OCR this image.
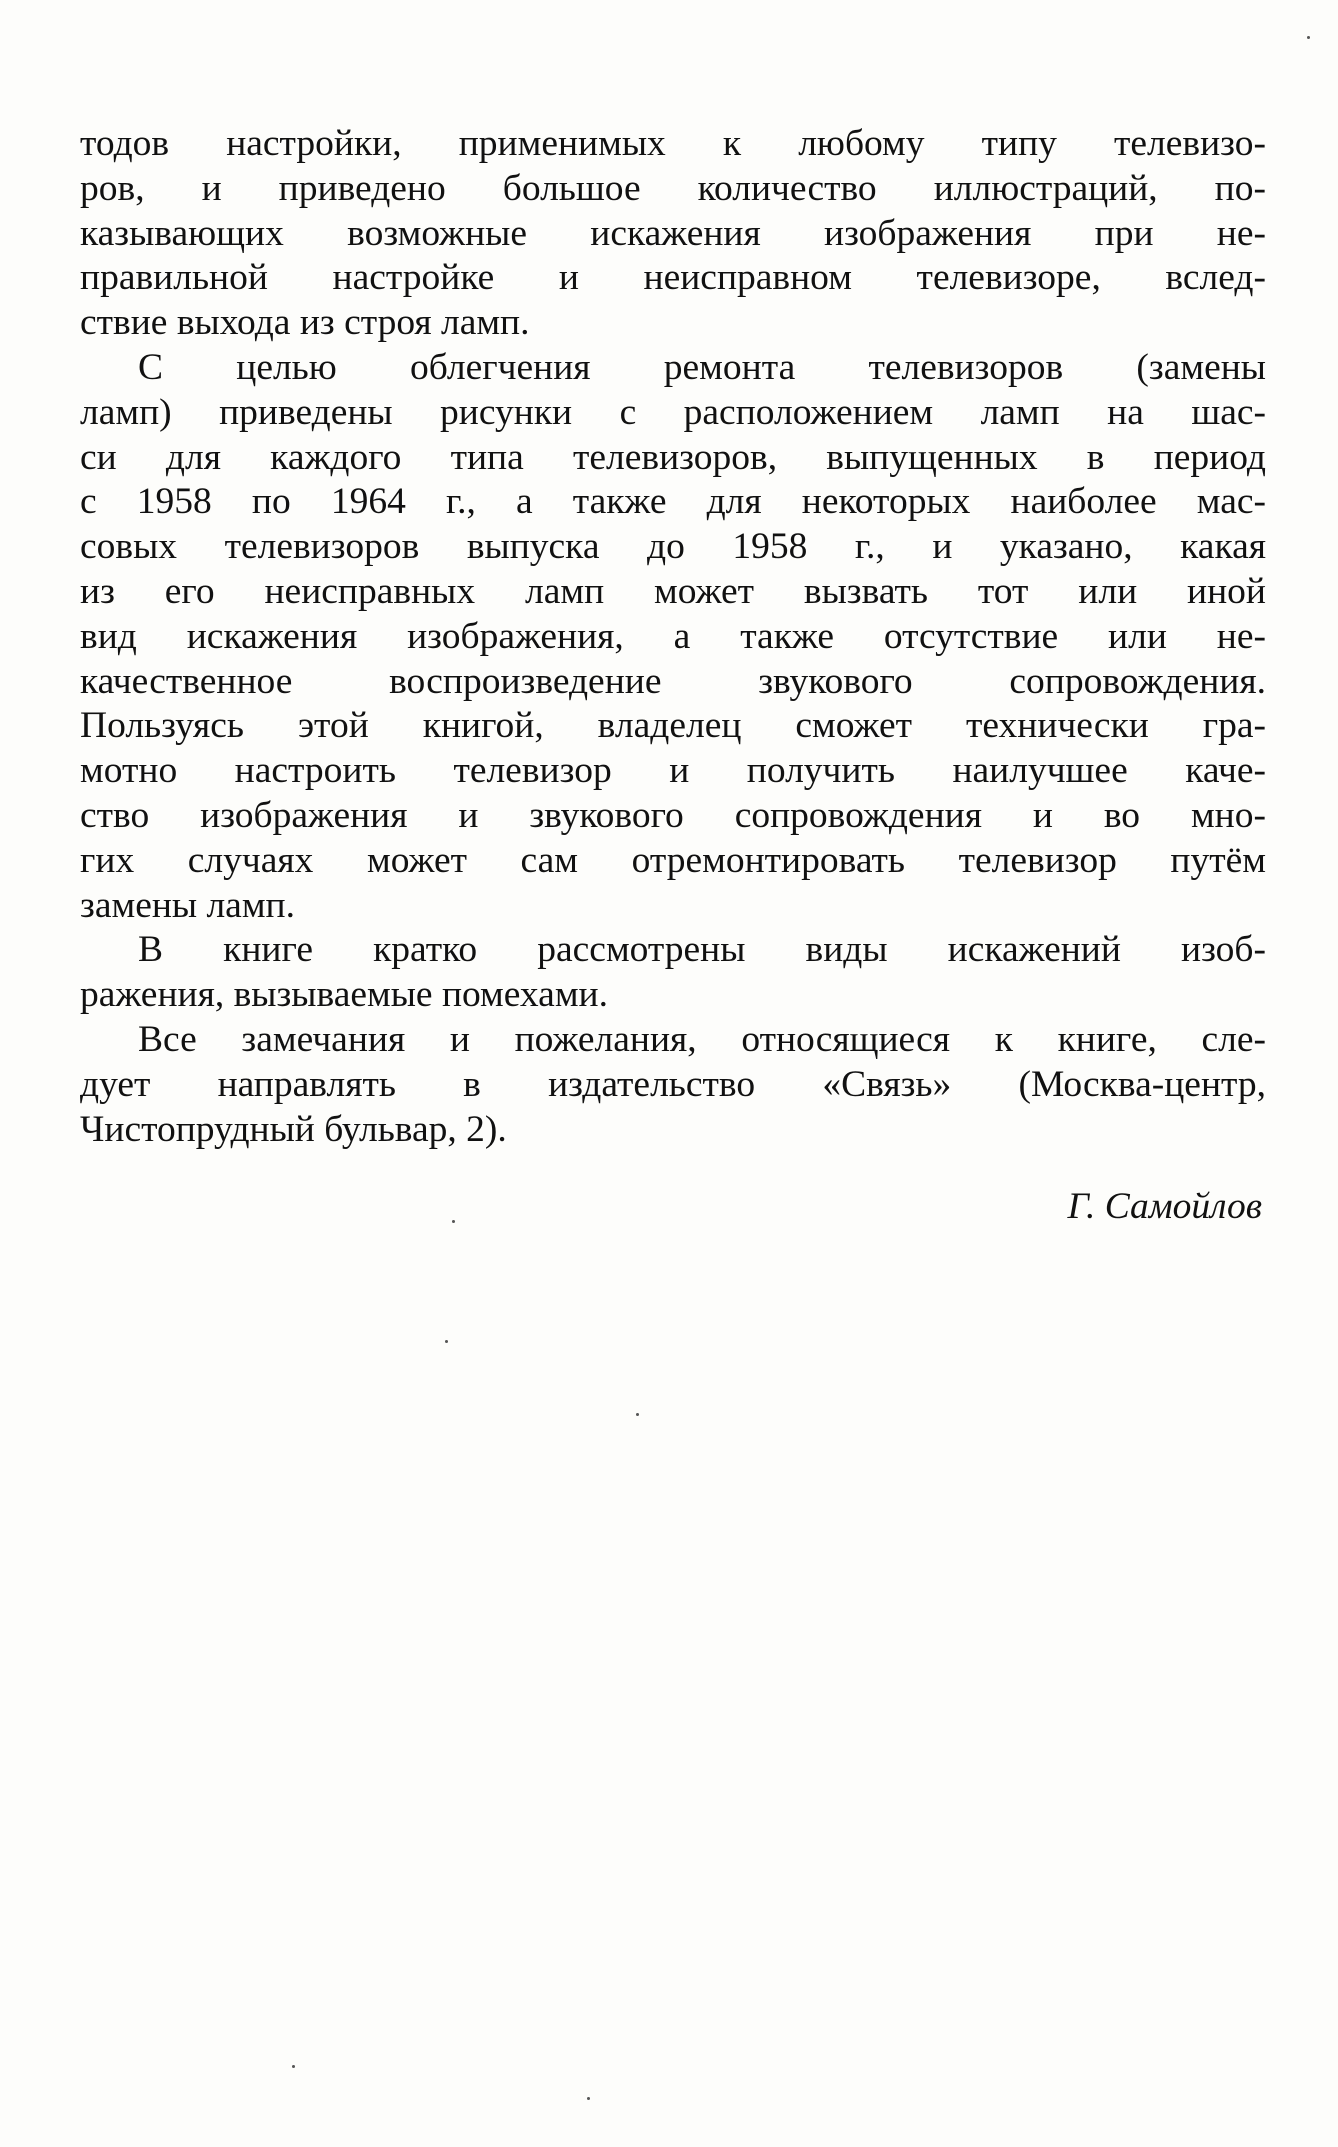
тодов настройки, применимых к любому типу телевизо-
ров, и приведено большое количество иллюстраций, по-
казывающих возможные искажения изображения при не-
правильной настройке и неисправном телевизоре, вслед-
ствие выхода из строя ламп.

С целью облегчения ремонта телевизоров (замены
ламп) приведены рисунки с расположением ламп на шас-
си для каждого типа телевизоров, выпущенных в период
с 1958 по 1964 г., а также для некоторых наиболее мас-
совых телевизоров выпуска до 1958 г., и указано, какая
из его неисправных ламп может вызвать тот или иной
вид искажения изображения, а также отсутствие или не-
качественное воспроизведение звукового сопровождения.
Пользуясь этой книгой, владелец сможет технически гра-
мотно настроить телевизор и получить наилучшее каче-
ство изображения и звукового сопровождения и во мно-
гих случаях может сам отремонтировать телевизор путём
замены ламп.

В книге кратко рассмотрены виды искажений изоб-
ражения, вызываемые помехами.

Все замечания и пожелания, относящиеся к книге, сле-
дует направлять в издательство «Связь» (Москва-центр,
Чистопрудный бульвар, 2).

Г. Самойлов
